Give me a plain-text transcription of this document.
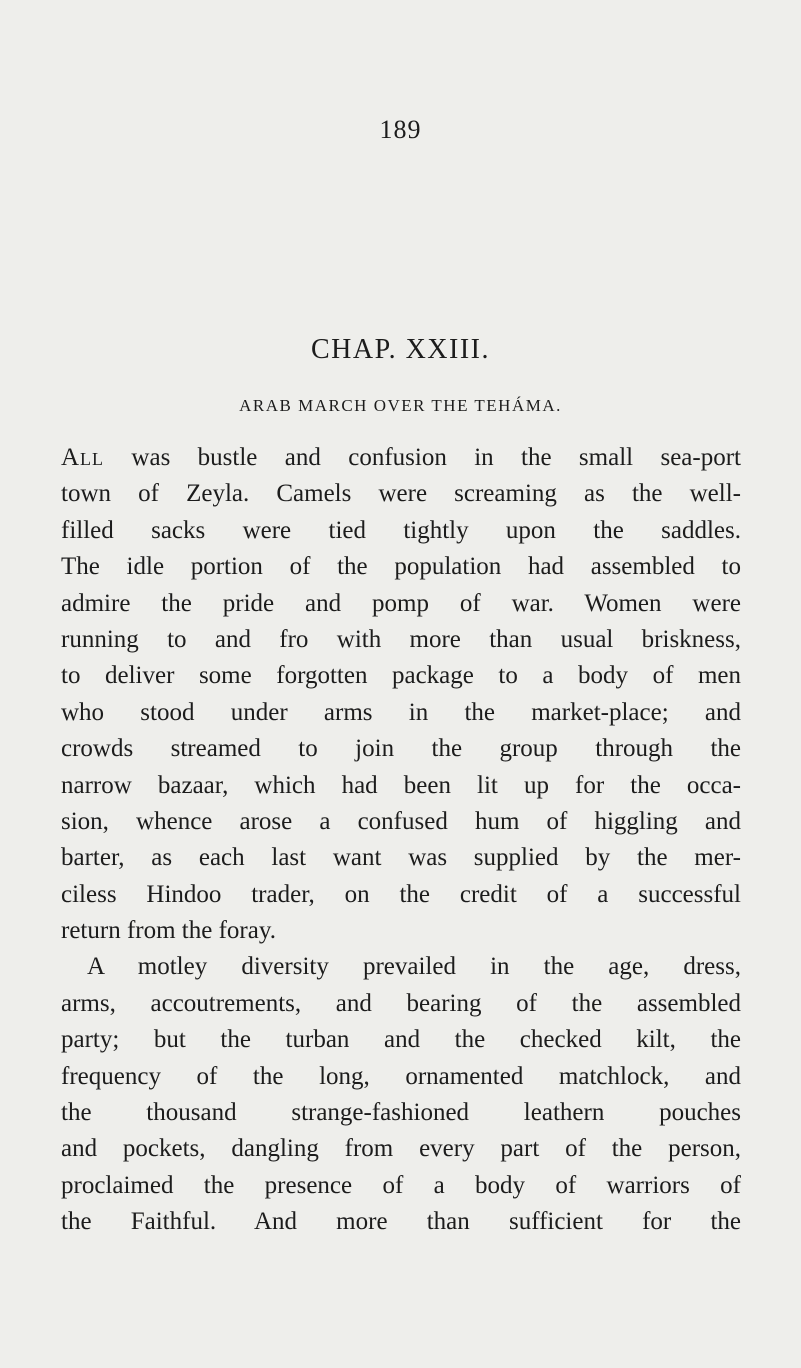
189
CHAP. XXIII.
ARAB MARCH OVER THE TEHÁMA.
All was bustle and confusion in the small sea-port
town of Zeyla. Camels were screaming as the well-
filled sacks were tied tightly upon the saddles.
The idle portion of the population had assembled to
admire the pride and pomp of war. Women were
running to and fro with more than usual briskness,
to deliver some forgotten package to a body of men
who stood under arms in the market-place; and
crowds streamed to join the group through the
narrow bazaar, which had been lit up for the occa-
sion, whence arose a confused hum of higgling and
barter, as each last want was supplied by the mer-
ciless Hindoo trader, on the credit of a successful
return from the foray.
A motley diversity prevailed in the age, dress,
arms, accoutrements, and bearing of the assembled
party; but the turban and the checked kilt, the
frequency of the long, ornamented matchlock, and
the thousand strange-fashioned leathern pouches
and pockets, dangling from every part of the person,
proclaimed the presence of a body of warriors of
the Faithful. And more than sufficient for the
